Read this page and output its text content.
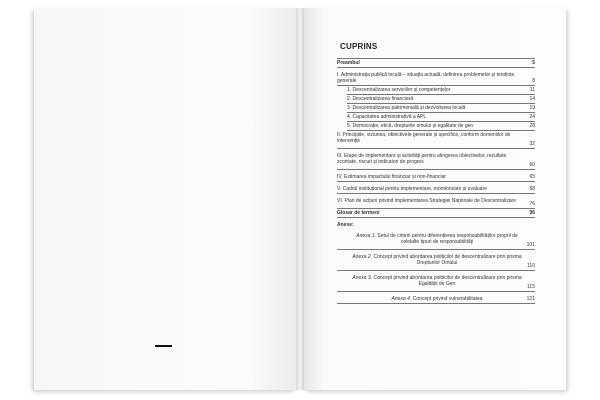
CUPRINS
Preambul	5
I. Administrația publică locală – situația actuală, definirea problemelor și tendințe generale	8
1. Descentralizarea serviciilor și competențelor	11
2. Descentralizarea financiară	14
3. Descentralizarea patrimonială și dezvoltarea locală	19
4. Capacitatea administrativă a APL	24
5. Democrație, etică, drepturile omului și egalitate de gen	28
II. Principiile, viziunea, obiectivele generale și specifice, conform domeniilor de intervenție	32
III. Etape de implementare și activități pentru atingerea obiectivelor, rezultate scontate, riscuri și indicatori de progres	60
IV. Estimarea impactului financiar și non-financiar	65
V. Cadrul instituțional pentru implementare, monitorizare și evaluare	68
VI. Plan de acțiuni privind implementarea Strategiei Naționale de Descentralizare	76
Glosar de termeni	96
Anexe:
Anexa 1. Setul de criterii pentru diferențierea responsabilităților proprii de celelalte tipuri de responsabilități	101
Anexa 2. Concept privind abordarea politicilor de descentralizare prin prisma Drepturilor Omului	110
Anexa 3. Concept privind abordarea politicilor de descentralizare prin prisma Egalității de Gen	115
Anexa 4. Concept privind vulnerabilitatea	121
